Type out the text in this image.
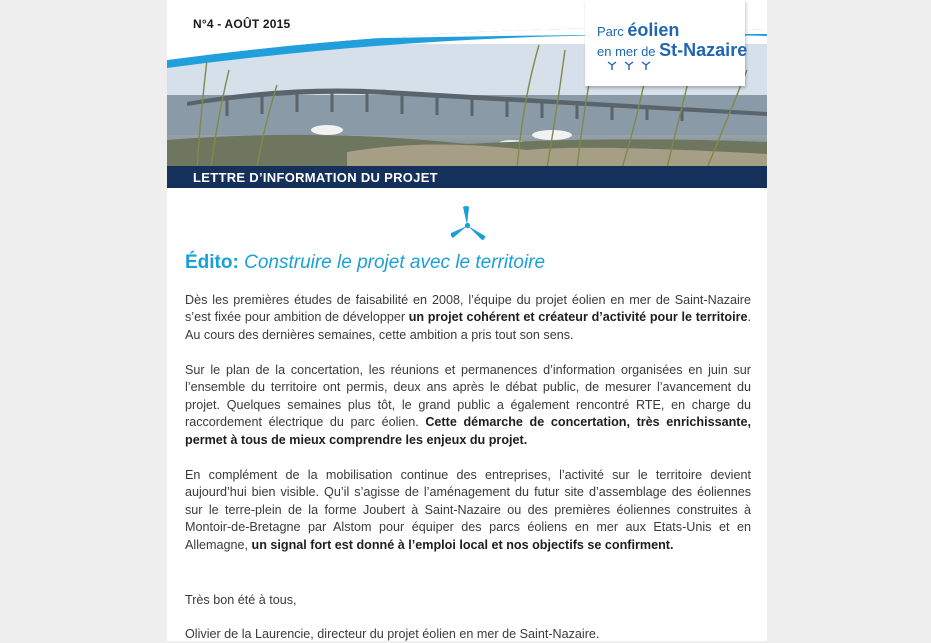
N°4 - AOÛT 2015	Parc éolien
en mer de St-Nazaire
LETTRE D’INFORMATION DU PROJET
Édito: Construire le projet avec le territoire

Dès les premières études de faisabilité en 2008, l’équipe du projet éolien en mer de Saint-Nazaire s’est fixée pour ambition de développer un projet cohérent et créateur d’activité pour le territoire. Au cours des dernières semaines, cette ambition a pris tout son sens.

Sur le plan de la concertation, les réunions et permanences d’information organisées en juin sur l’ensemble du territoire ont permis, deux ans après le débat public, de mesurer l’avancement du projet. Quelques semaines plus tôt, le grand public a également rencontré RTE, en charge du raccordement électrique du parc éolien. Cette démarche de concertation, très enrichissante, permet à tous de mieux comprendre les enjeux du projet.

En complément de la mobilisation continue des entreprises, l’activité sur le territoire devient aujourd’hui bien visible. Qu’il s’agisse de l’aménagement du futur site d’assemblage des éoliennes sur le terre-plein de la forme Joubert à Saint-Nazaire ou des premières éoliennes construites à Montoir-de-Bretagne par Alstom pour équiper des parcs éoliens en mer aux Etats-Unis et en Allemagne, un signal fort est donné à l’emploi local et nos objectifs se confirment.

Très bon été à tous,

Olivier de la Laurencie, directeur du projet éolien en mer de Saint-Nazaire.
